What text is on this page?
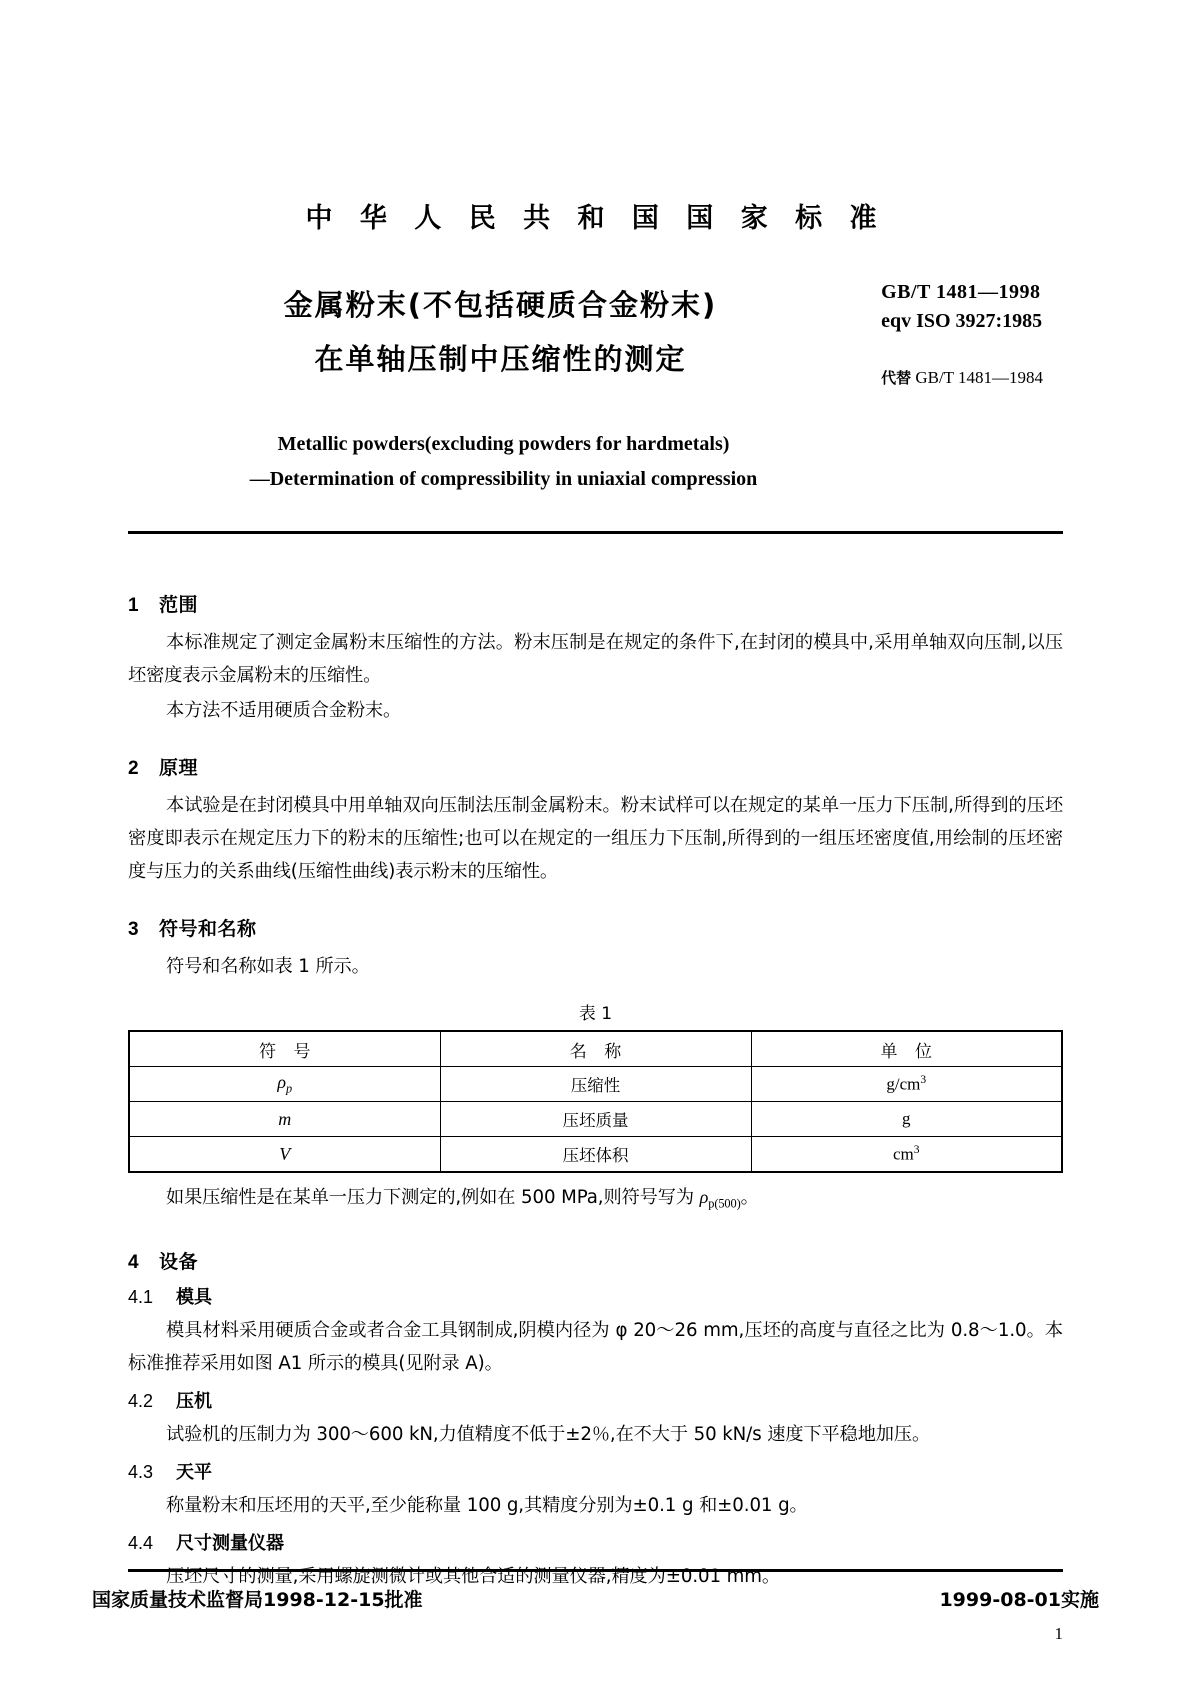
中 华 人 民 共 和 国 国 家 标 准
金属粉末(不包括硬质合金粉末)
在单轴压制中压缩性的测定
GB/T 1481—1998
eqv ISO 3927:1985
代替 GB/T 1481—1984
Metallic powders(excluding powders for hardmetals)
—Determination of compressibility in uniaxial compression
1 范围

本标准规定了测定金属粉末压缩性的方法。粉末压制是在规定的条件下,在封闭的模具中,采用单轴双向压制,以压坯密度表示金属粉末的压缩性。

本方法不适用硬质合金粉末。

2 原理

本试验是在封闭模具中用单轴双向压制法压制金属粉末。粉末试样可以在规定的某单一压力下压制,所得到的压坯密度即表示在规定压力下的粉末的压缩性;也可以在规定的一组压力下压制,所得到的一组压坯密度值,用绘制的压坯密度与压力的关系曲线(压缩性曲线)表示粉末的压缩性。

3 符号和名称

符号和名称如表 1 所示。

表 1
符 号	名 称	单 位
$\rho_p$	压缩性	$g/cm^3$
m	压坯质量	g
V	压坯体积	$cm^3$

如果压缩性是在某单一压力下测定的,例如在 500 MPa,则符号写为 $\rho_{p(500)}$。

4 设备
4.1 模具

模具材料采用硬质合金或者合金工具钢制成,阴模内径为 φ 20～26 mm,压坯的高度与直径之比为 0.8～1.0。本标准推荐采用如图 A1 所示的模具(见附录 A)。

4.2 压机

试验机的压制力为 300～600 kN,力值精度不低于±2％,在不大于 50 kN/s 速度下平稳地加压。

4.3 天平

称量粉末和压坯用的天平,至少能称量 100 g,其精度分别为±0.1 g 和±0.01 g。

4.4 尺寸测量仪器

压坯尺寸的测量,采用螺旋测微计或其他合适的测量仪器,精度为±0.01 mm。

国家质量技术监督局1998-12-15批准	1999-08-01实施
1
